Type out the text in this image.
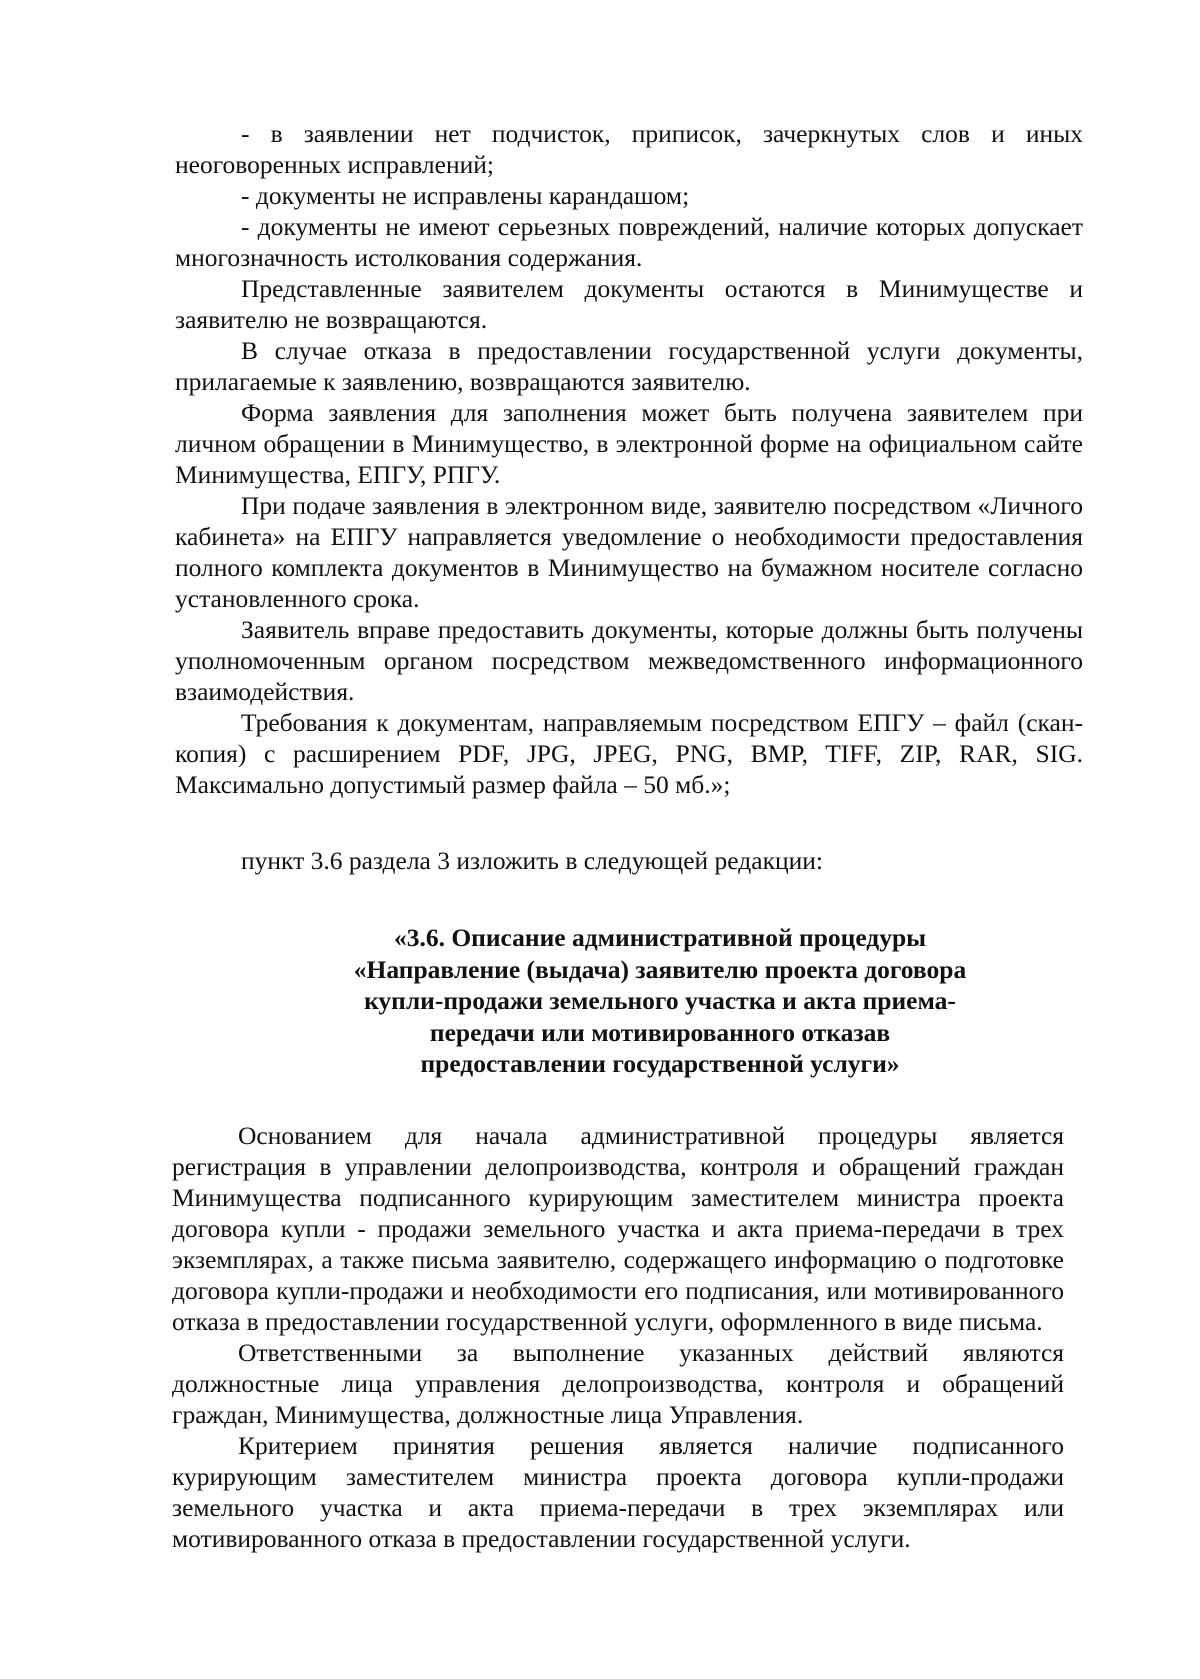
- в заявлении нет подчисток, приписок, зачеркнутых слов и иных неоговоренных исправлений;

- документы не исправлены карандашом;

- документы не имеют серьезных повреждений, наличие которых допускает многозначность истолкования содержания.

Представленные заявителем документы остаются в Минимуществе и заявителю не возвращаются.

В случае отказа в предоставлении государственной услуги документы, прилагаемые к заявлению, возвращаются заявителю.

Форма заявления для заполнения может быть получена заявителем при личном обращении в Минимущество, в электронной форме на официальном сайте Минимущества, ЕПГУ, РПГУ.

При подаче заявления в электронном виде, заявителю посредством «Личного кабинета» на ЕПГУ направляется уведомление о необходимости предоставления полного комплекта документов в Минимущество на бумажном носителе согласно установленного срока.

Заявитель вправе предоставить документы, которые должны быть получены уполномоченным органом посредством межведомственного информационного взаимодействия.

Требования к документам, направляемым посредством ЕПГУ – файл (скан-копия) с расширением PDF, JPG, JPEG, PNG, BMP, TIFF, ZIP, RAR, SIG. Максимально допустимый размер файла – 50 мб.»;

пункт 3.6 раздела 3 изложить в следующей редакции:
«3.6. Описание административной процедуры
«Направление (выдача) заявителю проекта договора
купли-продажи земельного участка и акта приема-
передачи или мотивированного отказав
предоставлении государственной услуги»

Основанием для начала административной процедуры является регистрация в управлении делопроизводства, контроля и обращений граждан Минимущества подписанного курирующим заместителем министра проекта договора купли - продажи земельного участка и акта приема-передачи в трех экземплярах, а также письма заявителю, содержащего информацию о подготовке договора купли-продажи и необходимости его подписания, или мотивированного отказа в предоставлении государственной услуги, оформленного в виде письма.

Ответственными за выполнение указанных действий являются должностные лица управления делопроизводства, контроля и обращений граждан, Минимущества, должностные лица Управления.

Критерием принятия решения является наличие подписанного курирующим заместителем министра проекта договора купли-продажи земельного участка и акта приема-передачи в трех экземплярах или мотивированного отказа в предоставлении государственной услуги.
